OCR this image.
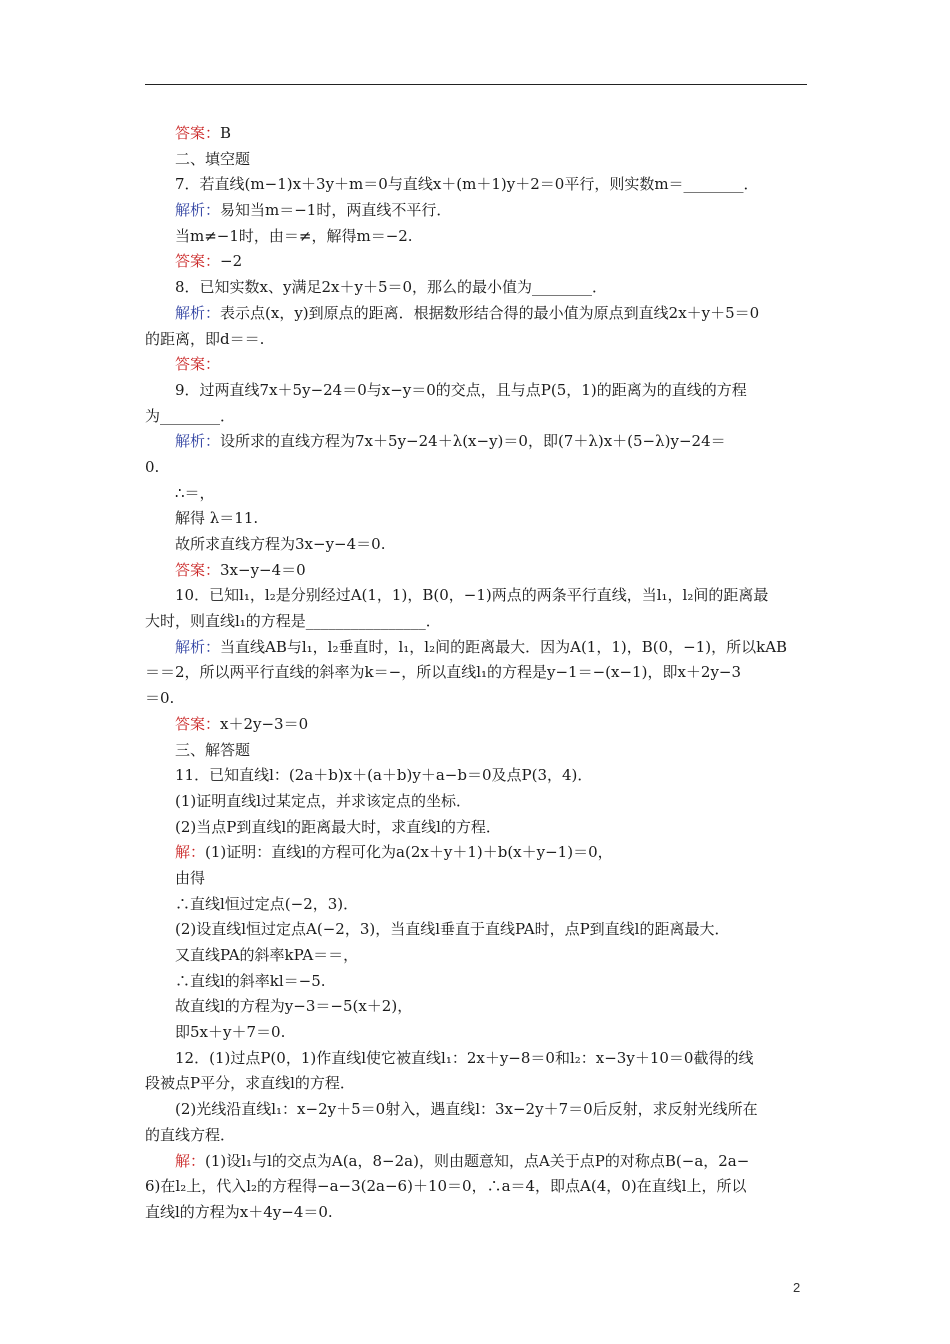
答案：B
二、填空题
7．若直线(m−1)x＋3y＋m＝0与直线x＋(m＋1)y＋2＝0平行，则实数m＝________．
解析：易知当m＝−1时，两直线不平行．
当m≠−1时，由＝≠，解得m＝−2.
答案：−2
8．已知实数x、y满足2x＋y＋5＝0，那么的最小值为________．
解析：表示点(x，y)到原点的距离．根据数形结合得的最小值为原点到直线2x＋y＋5＝0
的距离，即d＝＝.
答案：
9．过两直线7x＋5y−24＝0与x−y＝0的交点，且与点P(5，1)的距离为的直线的方程
为________．
解析：设所求的直线方程为7x＋5y−24＋λ(x−y)＝0，即(7＋λ)x＋(5−λ)y−24＝
0.
∴＝，
解得 λ＝11.
故所求直线方程为3x−y−4＝0.
答案：3x−y−4＝0
10．已知l₁，l₂是分别经过A(1，1)，B(0，−1)两点的两条平行直线，当l₁，l₂间的距离最
大时，则直线l₁的方程是________________．
解析：当直线AB与l₁，l₂垂直时，l₁，l₂间的距离最大．因为A(1，1)，B(0，−1)，所以kAB
＝＝2，所以两平行直线的斜率为k＝−，所以直线l₁的方程是y−1＝−(x−1)，即x＋2y−3
＝0.
答案：x＋2y−3＝0
三、解答题
11．已知直线l：(2a＋b)x＋(a＋b)y＋a−b＝0及点P(3，4)．
(1)证明直线l过某定点，并求该定点的坐标．
(2)当点P到直线l的距离最大时，求直线l的方程．
解：(1)证明：直线l的方程可化为a(2x＋y＋1)＋b(x＋y−1)＝0，
由得
∴直线l恒过定点(−2，3)．
(2)设直线l恒过定点A(−2，3)，当直线l垂直于直线PA时，点P到直线l的距离最大．
又直线PA的斜率kPA＝＝，
∴直线l的斜率kl＝−5.
故直线l的方程为y−3＝−5(x＋2)，
即5x＋y＋7＝0.
12．(1)过点P(0，1)作直线l使它被直线l₁：2x＋y−8＝0和l₂：x−3y＋10＝0截得的线
段被点P平分，求直线l的方程．
(2)光线沿直线l₁：x−2y＋5＝0射入，遇直线l：3x−2y＋7＝0后反射，求反射光线所在
的直线方程．
解：(1)设l₁与l的交点为A(a，8−2a)，则由题意知，点A关于点P的对称点B(−a，2a−
6)在l₂上，代入l₂的方程得−a−3(2a−6)＋10＝0，∴a＝4，即点A(4，0)在直线l上，所以
直线l的方程为x＋4y−4＝0.
2
